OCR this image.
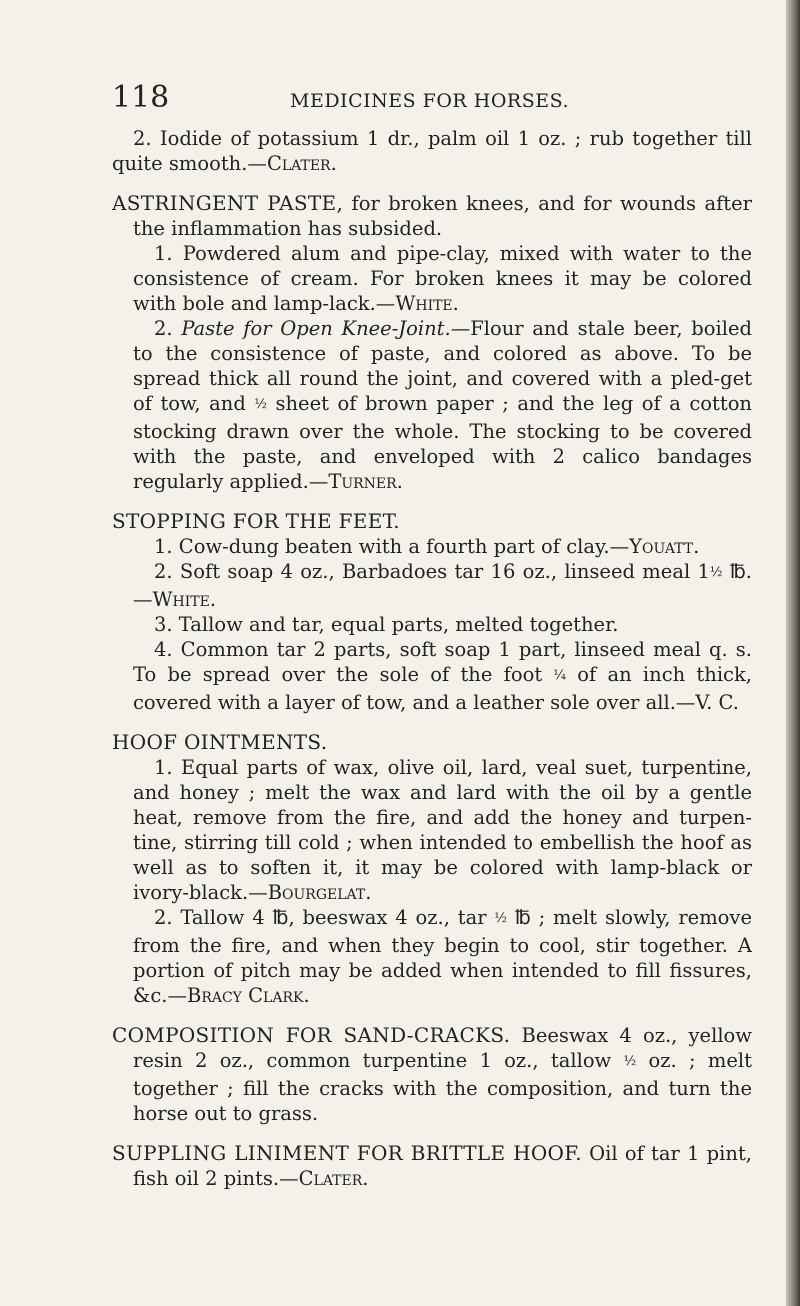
118	MEDICINES FOR HORSES.

2. Iodide of potassium 1 dr., palm oil 1 oz. ; rub together till quite smooth.—Clater.

ASTRINGENT PASTE, for broken knees, and for wounds after the inflammation has subsided.

1. Powdered alum and pipe-clay, mixed with water to the consistence of cream. For broken knees it may be colored with bole and lamp-lack.—White.

2. Paste for Open Knee-Joint.—Flour and stale beer, boiled to the consistence of paste, and colored as above. To be spread thick all round the joint, and covered with a pled-get of tow, and ½ sheet of brown paper ; and the leg of a cotton stocking drawn over the whole. The stocking to be covered with the paste, and enveloped with 2 calico bandages regularly applied.—Turner.

STOPPING FOR THE FEET.

1. Cow-dung beaten with a fourth part of clay.—Youatt.

2. Soft soap 4 oz., Barbadoes tar 16 oz., linseed meal 1½ ℔.—White.

3. Tallow and tar, equal parts, melted together.

4. Common tar 2 parts, soft soap 1 part, linseed meal q. s. To be spread over the sole of the foot ¼ of an inch thick, covered with a layer of tow, and a leather sole over all.—V. C.

HOOF OINTMENTS.

1. Equal parts of wax, olive oil, lard, veal suet, turpentine, and honey ; melt the wax and lard with the oil by a gentle heat, remove from the fire, and add the honey and turpen-tine, stirring till cold ; when intended to embellish the hoof as well as to soften it, it may be colored with lamp-black or ivory-black.—Bourgelat.

2. Tallow 4 ℔, beeswax 4 oz., tar ½ ℔ ; melt slowly, remove from the fire, and when they begin to cool, stir together. A portion of pitch may be added when intended to fill fissures, &c.—Bracy Clark.

COMPOSITION FOR SAND-CRACKS. Beeswax 4 oz., yellow resin 2 oz., common turpentine 1 oz., tallow ½ oz. ; melt together ; fill the cracks with the composition, and turn the horse out to grass.

SUPPLING LINIMENT FOR BRITTLE HOOF. Oil of tar 1 pint, fish oil 2 pints.—Clater.
